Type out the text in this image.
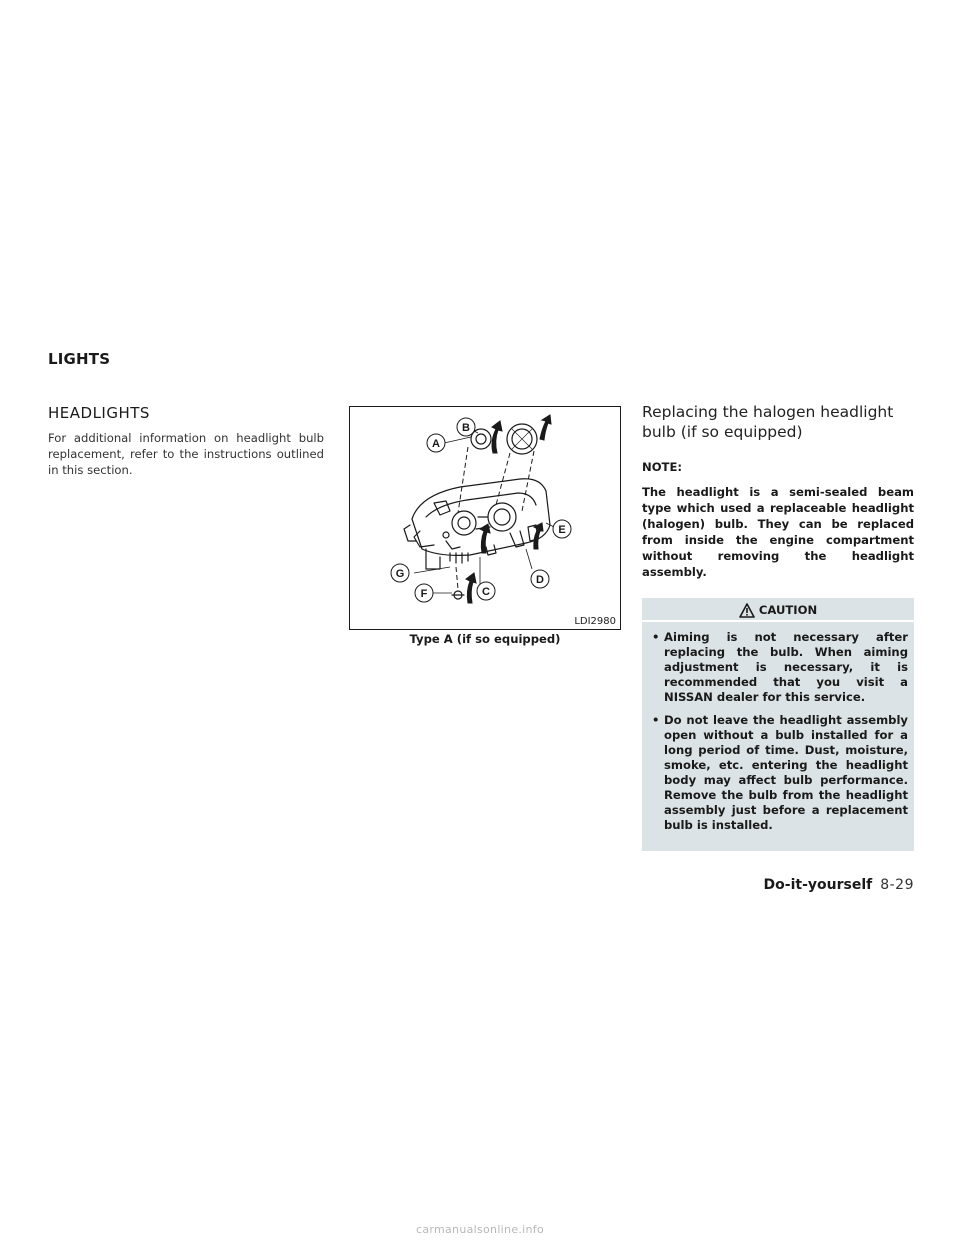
LIGHTS
HEADLIGHTS

For additional information on headlight bulb replacement, refer to the instructions outlined in this section.

A
B
C
D
E
F
G
LDI2980
Type A (if so equipped)
Replacing the halogen headlight bulb (if so equipped)

NOTE:

The headlight is a semi-sealed beam type which used a replaceable headlight (halogen) bulb. They can be replaced from inside the engine compartment without removing the headlight assembly.

CAUTION
• Aiming is not necessary after replacing the bulb. When aiming adjustment is necessary, it is recommended that you visit a NISSAN dealer for this service.
• Do not leave the headlight assembly open without a bulb installed for a long period of time. Dust, moisture, smoke, etc. entering the headlight body may affect bulb performance. Remove the bulb from the headlight assembly just before a replacement bulb is installed.
Do-it-yourself 8-29
carmanualsonline.info
